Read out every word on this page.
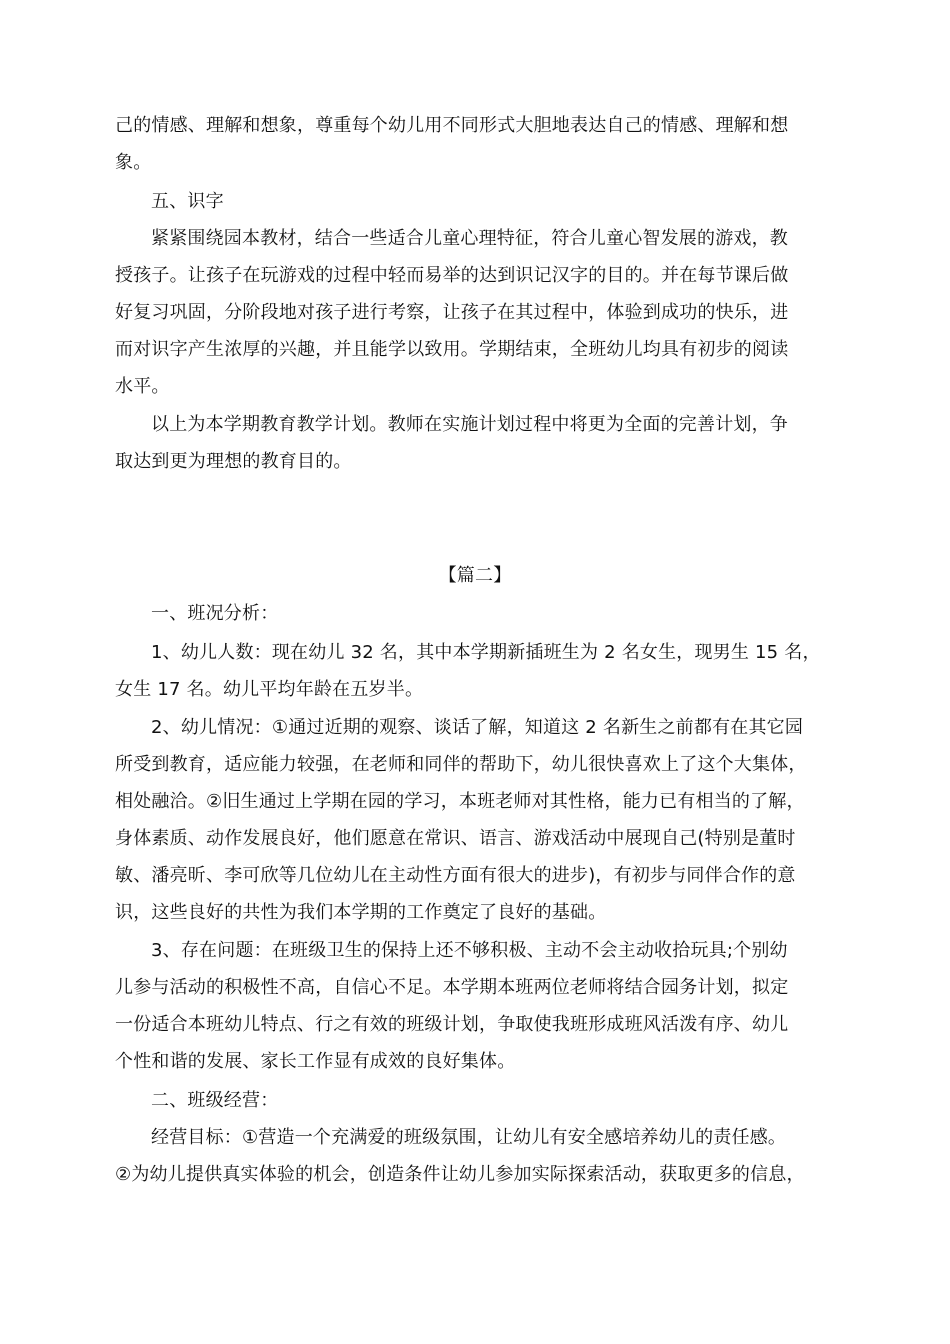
己的情感、理解和想象，尊重每个幼儿用不同形式大胆地表达自己的情感、理解和想
象。
五、识字
紧紧围绕园本教材，结合一些适合儿童心理特征，符合儿童心智发展的游戏，教
授孩子。让孩子在玩游戏的过程中轻而易举的达到识记汉字的目的。并在每节课后做
好复习巩固，分阶段地对孩子进行考察，让孩子在其过程中，体验到成功的快乐，进
而对识字产生浓厚的兴趣，并且能学以致用。学期结束，全班幼儿均具有初步的阅读
水平。
以上为本学期教育教学计划。教师在实施计划过程中将更为全面的完善计划，争
取达到更为理想的教育目的。
【篇二】
一、班况分析：
1、幼儿人数：现在幼儿 32 名，其中本学期新插班生为 2 名女生，现男生 15 名，
女生 17 名。幼儿平均年龄在五岁半。
2、幼儿情况：①通过近期的观察、谈话了解，知道这 2 名新生之前都有在其它园
所受到教育，适应能力较强，在老师和同伴的帮助下，幼儿很快喜欢上了这个大集体，
相处融洽。②旧生通过上学期在园的学习，本班老师对其性格，能力已有相当的了解，
身体素质、动作发展良好，他们愿意在常识、语言、游戏活动中展现自己(特别是董时
敏、潘亮昕、李可欣等几位幼儿在主动性方面有很大的进步)，有初步与同伴合作的意
识，这些良好的共性为我们本学期的工作奠定了良好的基础。
3、存在问题：在班级卫生的保持上还不够积极、主动不会主动收拾玩具;个别幼
儿参与活动的积极性不高，自信心不足。本学期本班两位老师将结合园务计划，拟定
一份适合本班幼儿特点、行之有效的班级计划，争取使我班形成班风活泼有序、幼儿
个性和谐的发展、家长工作显有成效的良好集体。
二、班级经营：
经营目标：①营造一个充满爱的班级氛围，让幼儿有安全感培养幼儿的责任感。
②为幼儿提供真实体验的机会，创造条件让幼儿参加实际探索活动，获取更多的信息，
